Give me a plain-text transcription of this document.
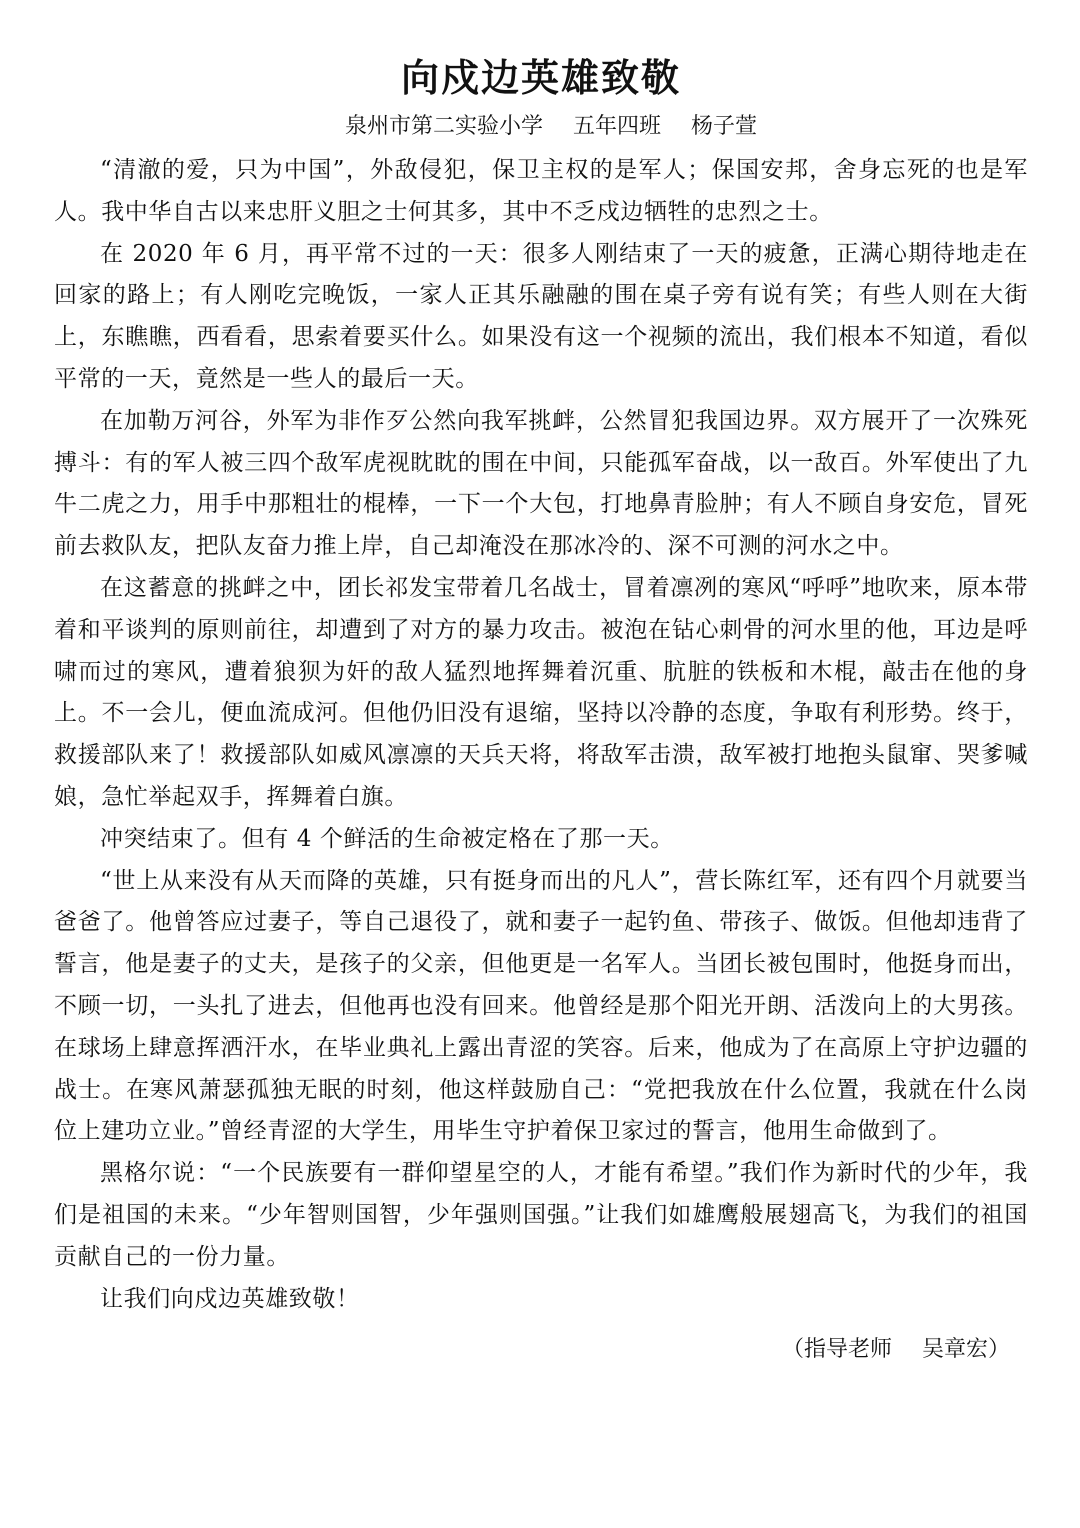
向戍边英雄致敬
泉州市第二实验小学 五年四班 杨子萱

“清澈的爱，只为中国”，外敌侵犯，保卫主权的是军人；保国安邦，舍身忘死的也是军人。我中华自古以来忠肝义胆之士何其多，其中不乏戍边牺牲的忠烈之士。

在 2020 年 6 月，再平常不过的一天：很多人刚结束了一天的疲惫，正满心期待地走在回家的路上；有人刚吃完晚饭，一家人正其乐融融的围在桌子旁有说有笑；有些人则在大街上，东瞧瞧，西看看，思索着要买什么。如果没有这一个视频的流出，我们根本不知道，看似平常的一天，竟然是一些人的最后一天。

在加勒万河谷，外军为非作歹公然向我军挑衅，公然冒犯我国边界。双方展开了一次殊死搏斗：有的军人被三四个敌军虎视眈眈的围在中间，只能孤军奋战，以一敌百。外军使出了九牛二虎之力，用手中那粗壮的棍棒，一下一个大包，打地鼻青脸肿；有人不顾自身安危，冒死前去救队友，把队友奋力推上岸，自己却淹没在那冰冷的、深不可测的河水之中。

在这蓄意的挑衅之中，团长祁发宝带着几名战士，冒着凛冽的寒风“呼呼”地吹来，原本带着和平谈判的原则前往，却遭到了对方的暴力攻击。被泡在钻心刺骨的河水里的他，耳边是呼啸而过的寒风，遭着狼狈为奸的敌人猛烈地挥舞着沉重、肮脏的铁板和木棍，敲击在他的身上。不一会儿，便血流成河。但他仍旧没有退缩，坚持以冷静的态度，争取有利形势。终于，救援部队来了！救援部队如威风凛凛的天兵天将，将敌军击溃，敌军被打地抱头鼠窜、哭爹喊娘，急忙举起双手，挥舞着白旗。

冲突结束了。但有 4 个鲜活的生命被定格在了那一天。

“世上从来没有从天而降的英雄，只有挺身而出的凡人”，营长陈红军，还有四个月就要当爸爸了。他曾答应过妻子，等自己退役了，就和妻子一起钓鱼、带孩子、做饭。但他却违背了誓言，他是妻子的丈夫，是孩子的父亲，但他更是一名军人。当团长被包围时，他挺身而出，不顾一切，一头扎了进去，但他再也没有回来。他曾经是那个阳光开朗、活泼向上的大男孩。在球场上肆意挥洒汗水，在毕业典礼上露出青涩的笑容。后来，他成为了在高原上守护边疆的战士。在寒风萧瑟孤独无眠的时刻，他这样鼓励自己：“党把我放在什么位置，我就在什么岗位上建功立业。”曾经青涩的大学生，用毕生守护着保卫家过的誓言，他用生命做到了。

黑格尔说：“一个民族要有一群仰望星空的人，才能有希望。”我们作为新时代的少年，我们是祖国的未来。“少年智则国智，少年强则国强。”让我们如雄鹰般展翅高飞，为我们的祖国贡献自己的一份力量。

让我们向戍边英雄致敬！

（指导老师 吴章宏）
